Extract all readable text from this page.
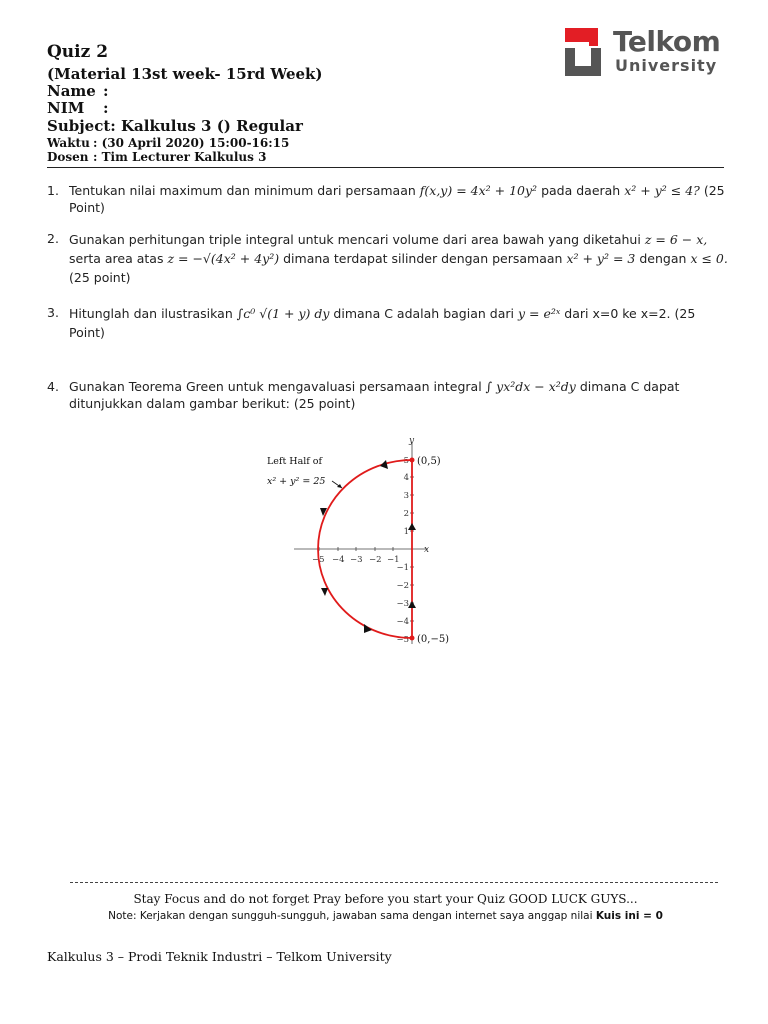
Quiz 2
(Material 13st week- 15rd Week)
Name :
NIM :
Subject: Kalkulus 3 () Regular
Waktu : (30 April 2020) 15:00-16:15
Dosen : Tim Lecturer Kalkulus 3
Telkom
University
1. Tentukan nilai maximum dan minimum dari persamaan f(x,y) = 4x² + 10y² pada daerah x² + y² ≤ 4? (25 Point)
2. Gunakan perhitungan triple integral untuk mencari volume dari area bawah yang diketahui z = 6 − x, serta area atas z = −√(4x² + 4y²) dimana terdapat silinder dengan persamaan x² + y² = 3 dengan x ≤ 0. (25 point)
3. Hitunglah dan ilustrasikan ∫ᴄ⁰ √(1 + y) dy dimana C adalah bagian dari y = e²ˣ dari x=0 ke x=2. (25 Point)
4. Gunakan Teorema Green untuk mengavaluasi persamaan integral ∫ yx²dx − x²dy dimana C dapat ditunjukkan dalam gambar berikut: (25 point)
−5 −4 −3 −2 −1
5
4
3
2
1
−1
−2
−3
−4
−5
x
y
(0,5)
(0,−5)
Left Half of
x² + y² = 25
Stay Focus and do not forget Pray before you start your Quiz GOOD LUCK GUYS...
Note: Kerjakan dengan sungguh-sungguh, jawaban sama dengan internet saya anggap nilai Kuis ini = 0
Kalkulus 3 – Prodi Teknik Industri – Telkom University
